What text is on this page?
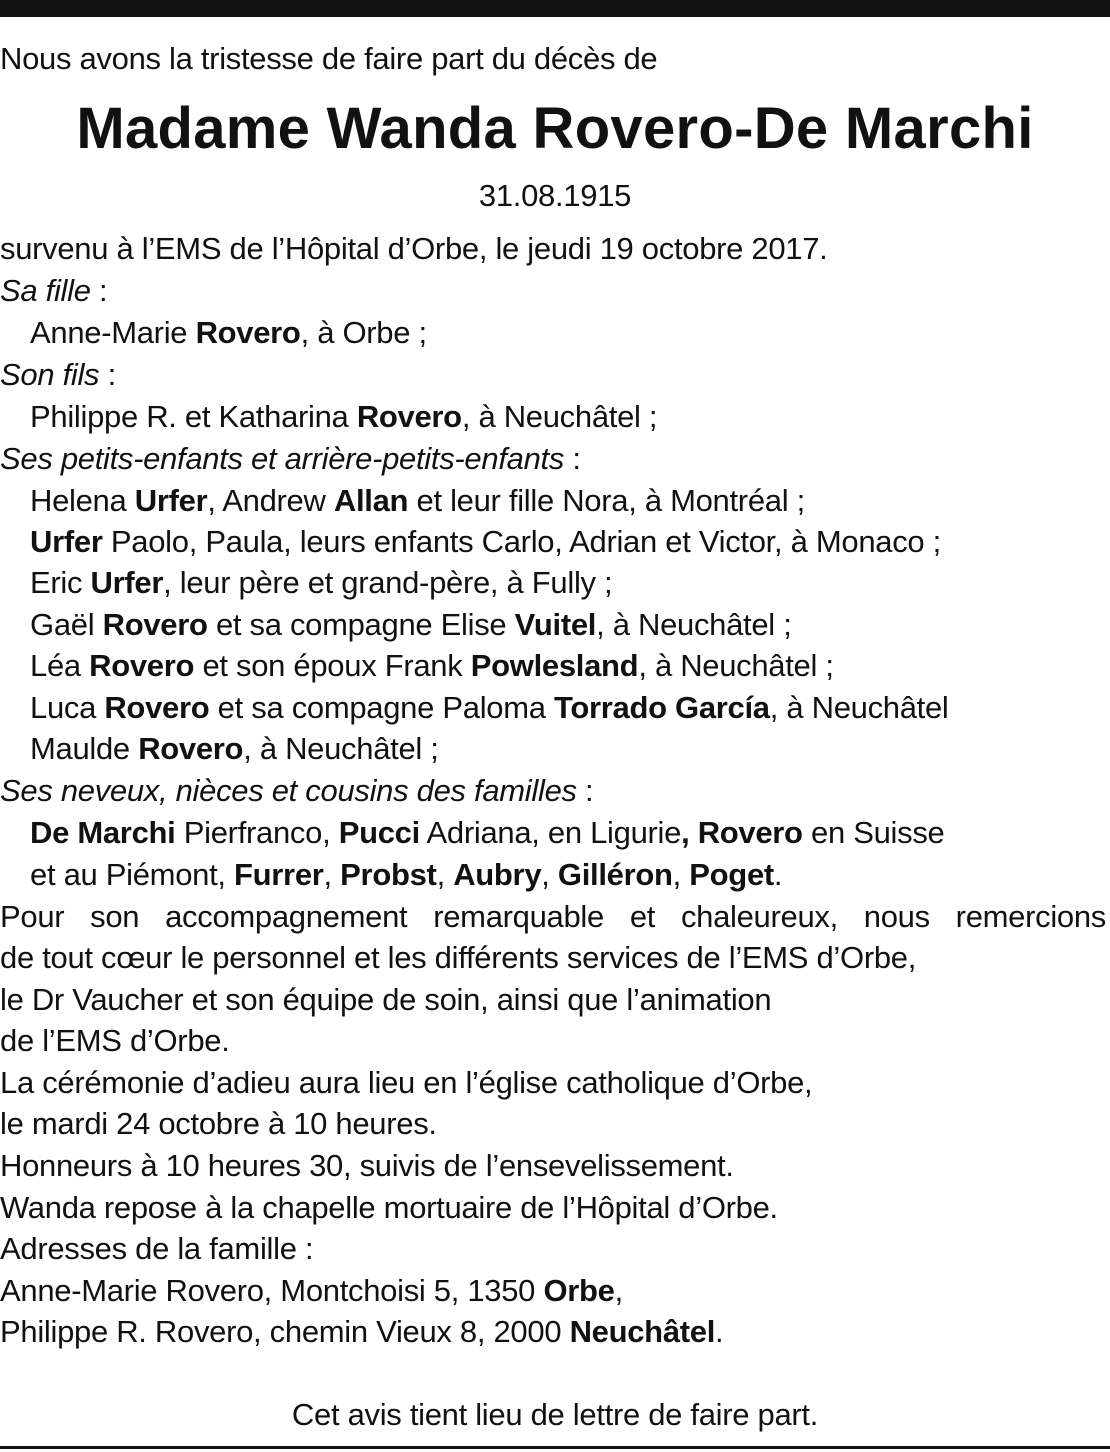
Nous avons la tristesse de faire part du décès de
Madame Wanda Rovero-De Marchi
31.08.1915
survenu à l’EMS de l’Hôpital d’Orbe, le jeudi 19 octobre 2017.
Sa fille :
Anne-Marie Rovero, à Orbe ;
Son fils :
Philippe R. et Katharina Rovero, à Neuchâtel ;
Ses petits-enfants et arrière-petits-enfants :
Helena Urfer, Andrew Allan et leur fille Nora, à Montréal ;
Urfer Paolo, Paula, leurs enfants Carlo, Adrian et Victor, à Monaco ;
Eric Urfer, leur père et grand-père, à Fully ;
Gaël Rovero et sa compagne Elise Vuitel, à Neuchâtel ;
Léa Rovero et son époux Frank Powlesland, à Neuchâtel ;
Luca Rovero et sa compagne Paloma Torrado García, à Neuchâtel
Maulde Rovero, à Neuchâtel ;
Ses neveux, nièces et cousins des familles :
De Marchi Pierfranco, Pucci Adriana, en Ligurie, Rovero en Suisse
et au Piémont, Furrer, Probst, Aubry, Gilléron, Poget.
Pour son accompagnement remarquable et chaleureux, nous remercions
de tout cœur le personnel et les différents services de l’EMS d’Orbe,
le Dr Vaucher et son équipe de soin, ainsi que l’animation
de l’EMS d’Orbe.
La cérémonie d’adieu aura lieu en l’église catholique d’Orbe,
le mardi 24 octobre à 10 heures.
Honneurs à 10 heures 30, suivis de l’ensevelissement.
Wanda repose à la chapelle mortuaire de l’Hôpital d’Orbe.
Adresses de la famille :
Anne-Marie Rovero, Montchoisi 5, 1350 Orbe,
Philippe R. Rovero, chemin Vieux 8, 2000 Neuchâtel.
Cet avis tient lieu de lettre de faire part.
